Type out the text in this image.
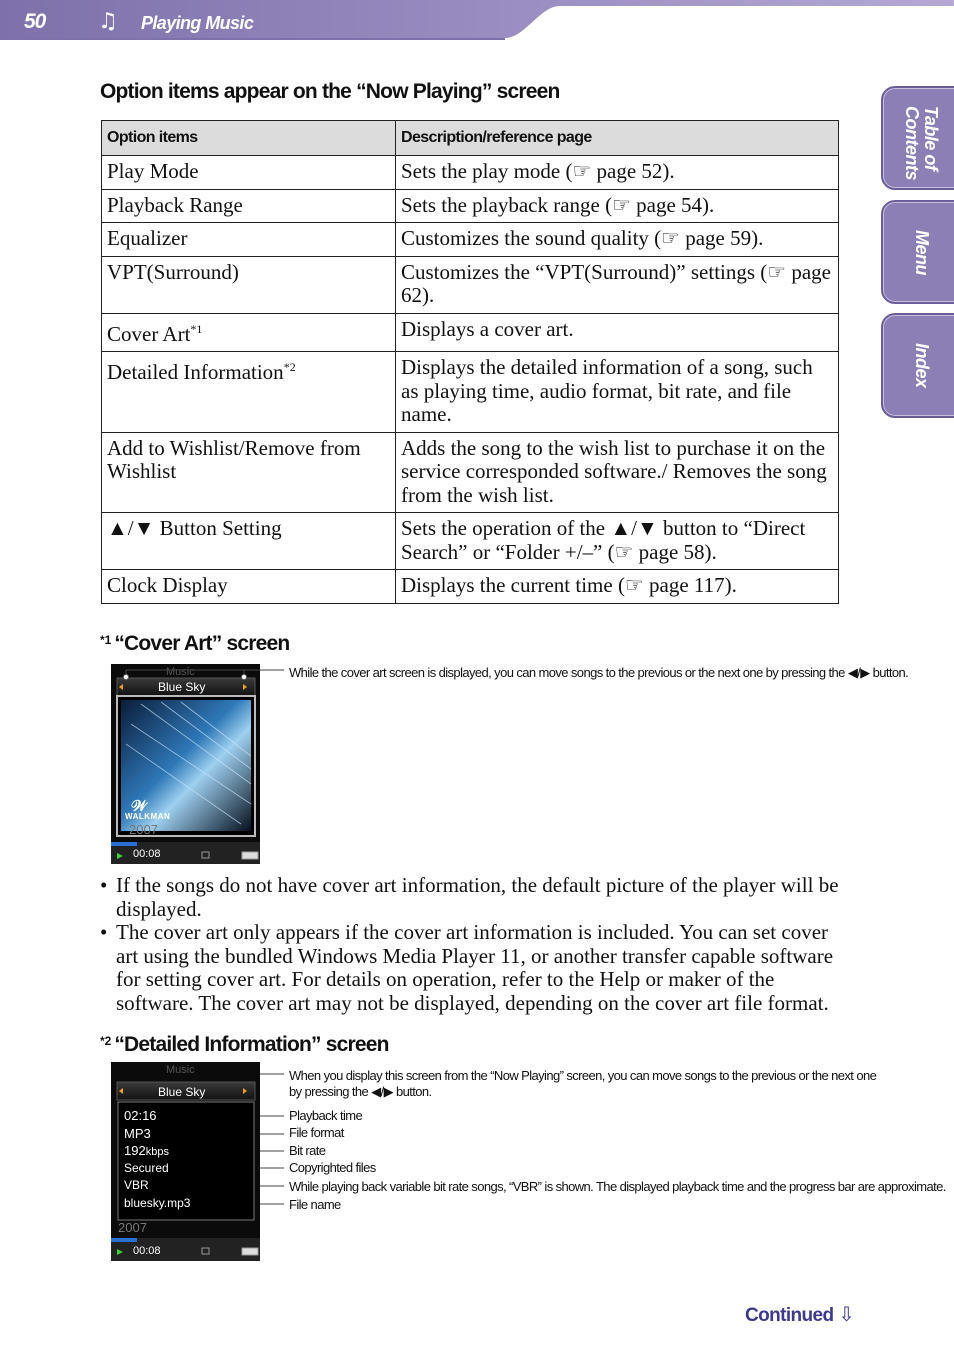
50 ♫ Playing Music
Table of
Contents
Menu
Index
Option items appear on the “Now Playing” screen
Option items	Description/reference page
Play Mode	Sets the play mode (☞ page 52).
Playback Range	Sets the playback range (☞ page 54).
Equalizer	Customizes the sound quality (☞ page 59).
VPT(Surround)	Customizes the “VPT(Surround)” settings (☞ page 62).
Cover Art$^{*1}$	Displays a cover art.
Detailed Information$^{*2}$	Displays the detailed information of a song, such as playing time, audio format, bit rate, and file name.
Add to Wishlist/Remove from Wishlist	Adds the song to the wish list to purchase it on the service corresponded software./ Removes the song from the wish list.
▲/▼ Button Setting	Sets the operation of the ▲/▼ button to “Direct Search” or “Folder +/–” (☞ page 58).
Clock Display	Displays the current time (☞ page 117).
$^{*1}$ “Cover Art” screen
Music
Blue Sky
𝒲
WALKMAN
2007
00:08
While the cover art screen is displayed, you can move songs to the previous or the next one by pressing the ◀/▶ button.
• If the songs do not have cover art information, the default picture of the player will be displayed.
• The cover art only appears if the cover art information is included. You can set cover art using the bundled Windows Media Player 11, or another transfer capable software for setting cover art. For details on operation, refer to the Help or maker of the software. The cover art may not be displayed, depending on the cover art file format.
$^{*2}$ “Detailed Information” screen
Music
Blue Sky
02:16
MP3
192kbps
Secured
VBR
bluesky.mp3
2007
00:08
When you display this screen from the “Now Playing” screen, you can move songs to the previous or the next one
by pressing the ◀/▶ button.
Playback time
File format
Bit rate
Copyrighted files
While playing back variable bit rate songs, “VBR” is shown. The displayed playback time and the progress bar are approximate.
File name
Continued ⇩
